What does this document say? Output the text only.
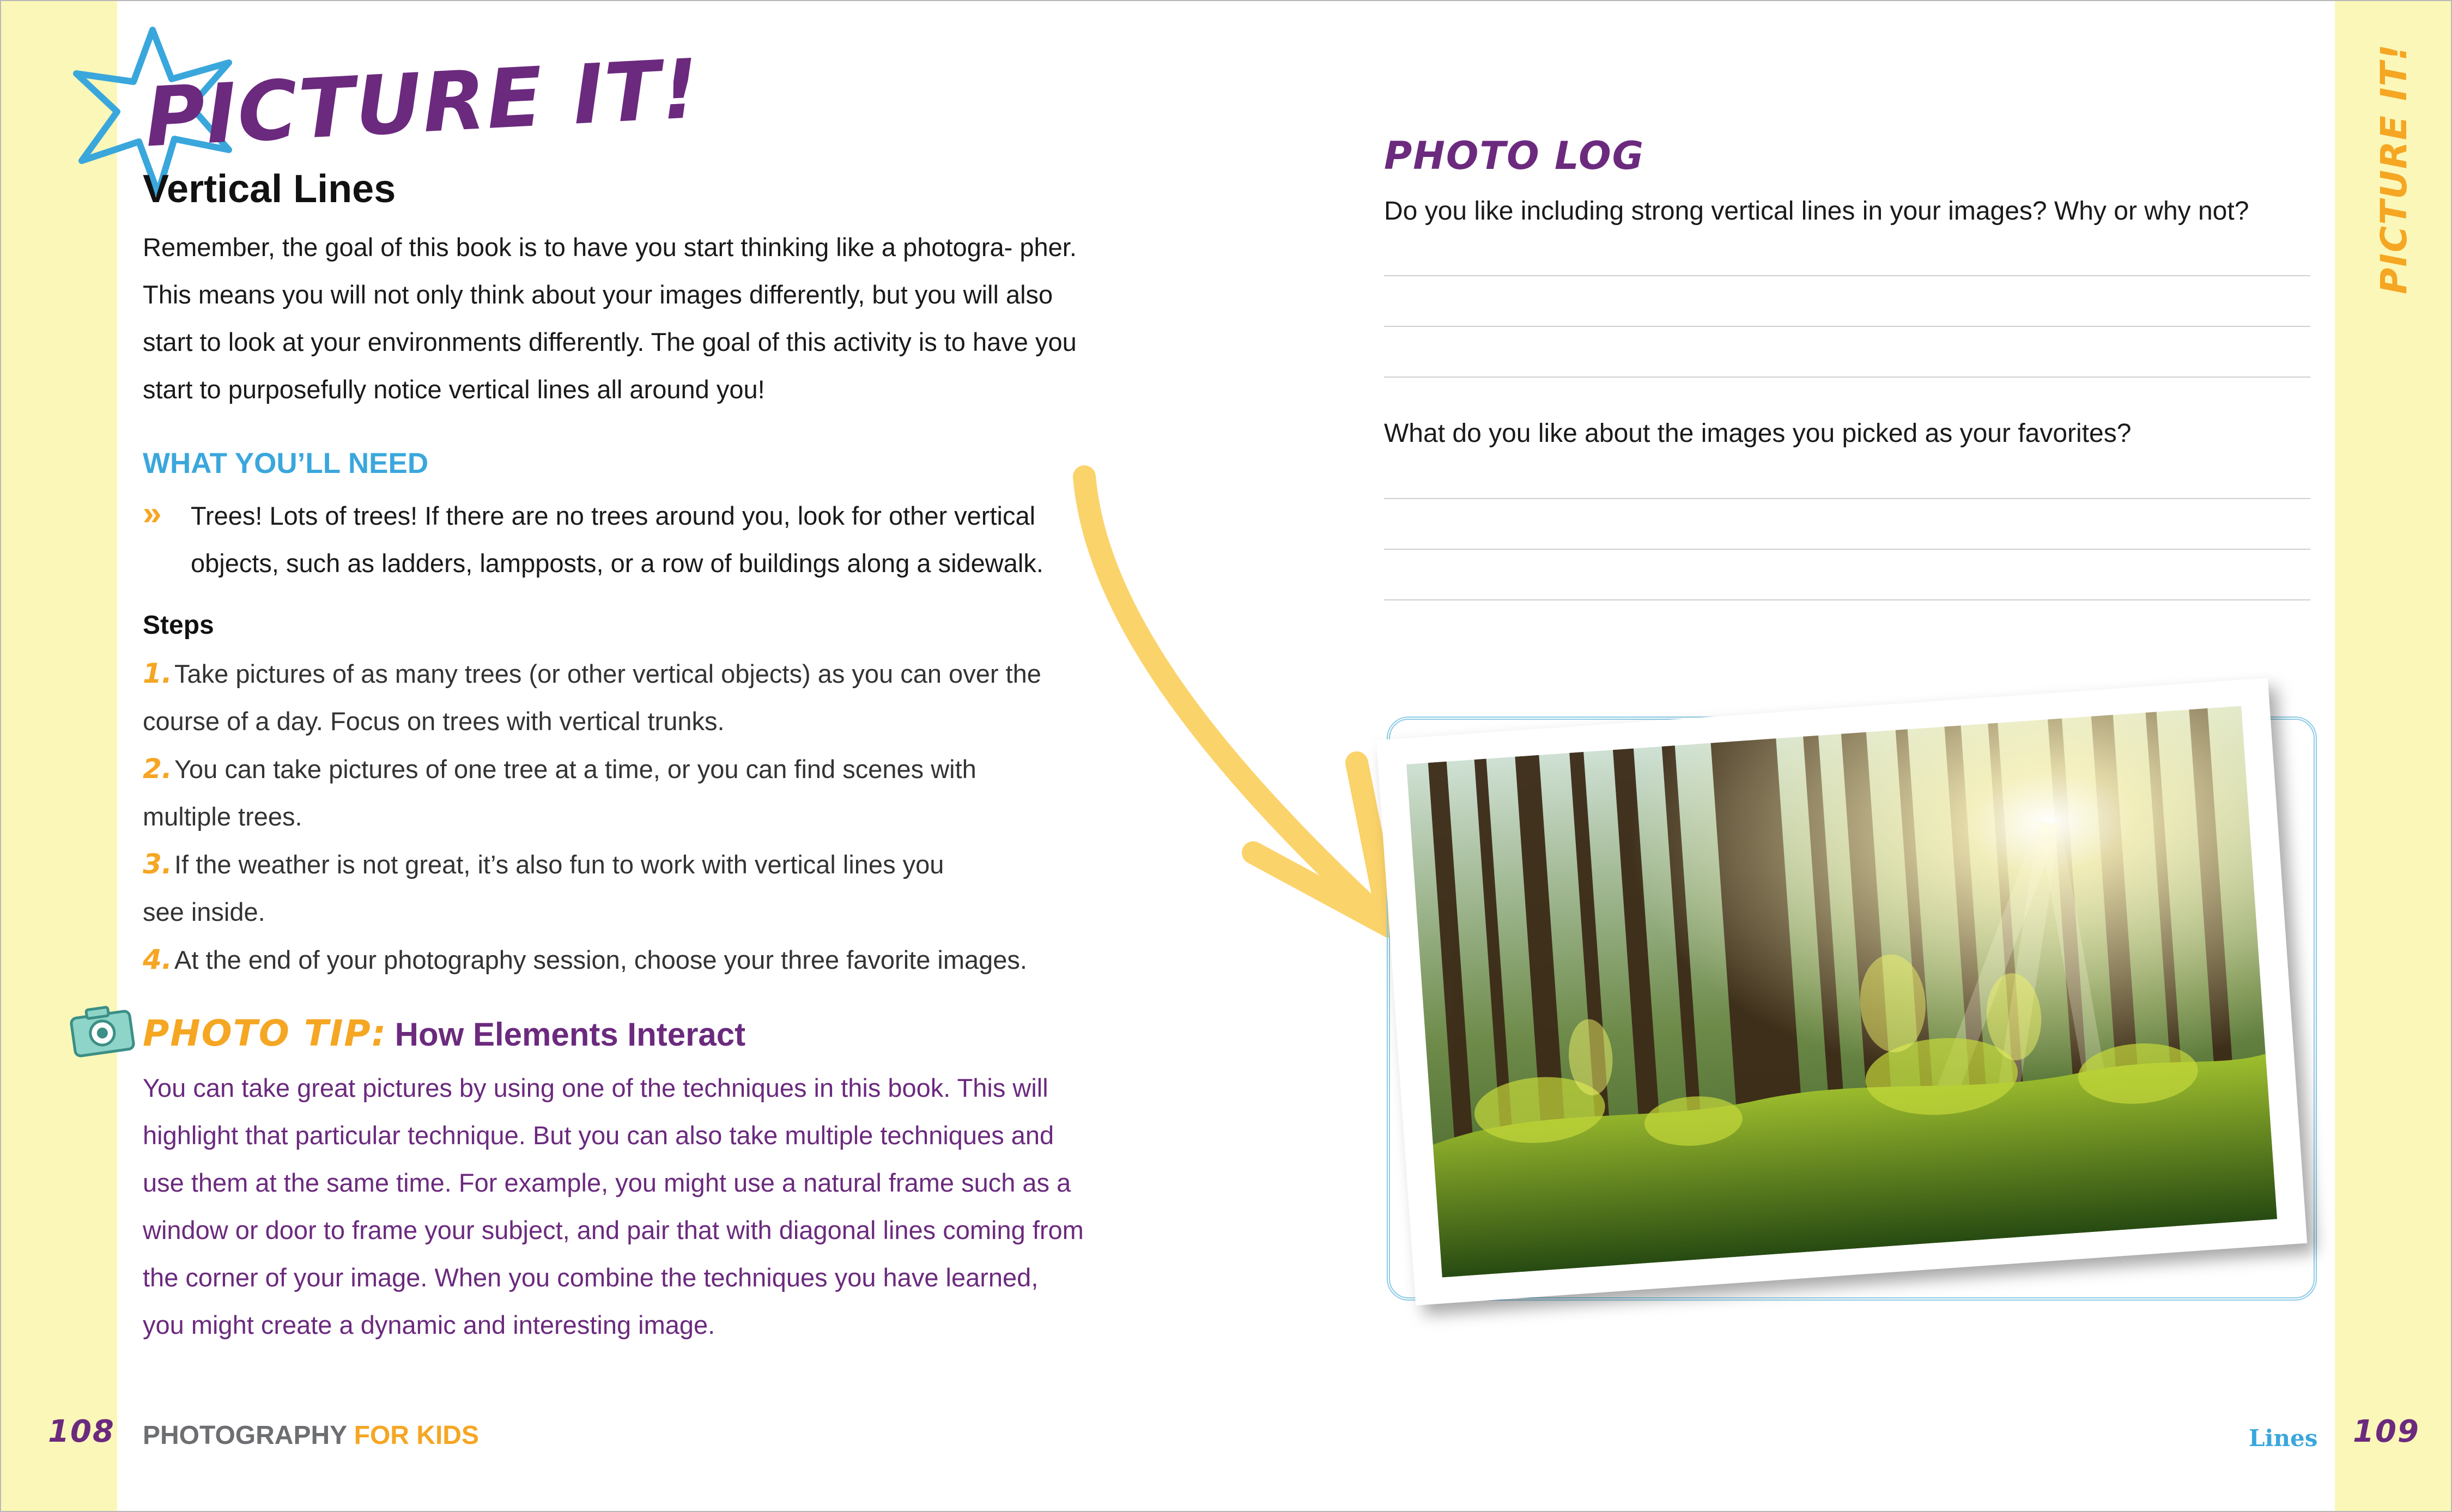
PICTURE IT!
Vertical Lines
Remember, the goal of this book is to have you start thinking like a photogra- pher. This means you will not only think about your images differently, but you will also start to look at your environments differently. The goal of this activity is to have you start to purposefully notice vertical lines all around you!
WHAT YOU’LL NEED
» Trees! Lots of trees! If there are no trees around you, look for other vertical objects, such as ladders, lampposts, or a row of buildings along a sidewalk.
Steps
1.Take pictures of as many trees (or other vertical objects) as you can over the course of a day. Focus on trees with vertical trunks.
2.You can take pictures of one tree at a time, or you can find scenes with multiple trees.
3.If the weather is not great, it’s also fun to work with vertical lines you see inside.
4.At the end of your photography session, choose your three favorite images.
PHOTO TIP: How Elements Interact
You can take great pictures by using one of the techniques in this book. This will highlight that particular technique. But you can also take multiple techniques and use them at the same time. For example, you might use a natural frame such as a window or door to frame your subject, and pair that with diagonal lines coming from the corner of your image. When you combine the techniques you have learned, you might create a dynamic and interesting image.
108 PHOTOGRAPHY FOR KIDS
PHOTO LOG
Do you like including strong vertical lines in your images? Why or why not?
What do you like about the images you picked as your favorites?
PICTURE IT!
Lines 109
